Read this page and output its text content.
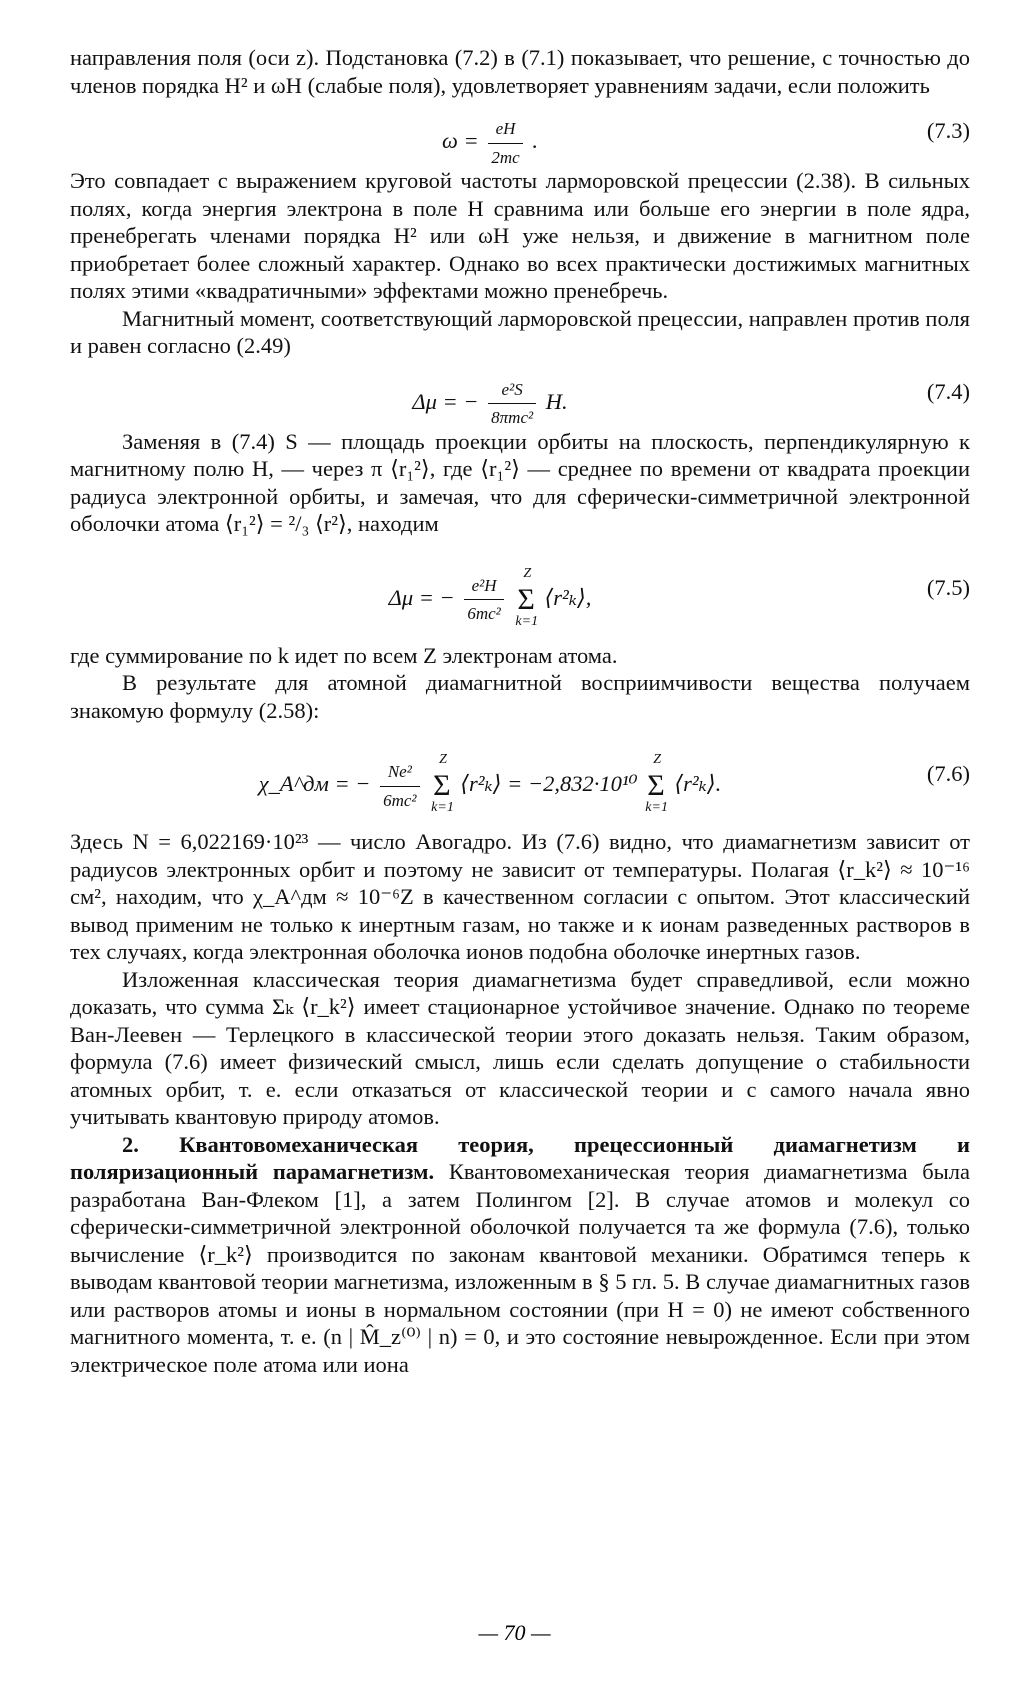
направления поля (оси z). Подстановка (7.2) в (7.1) показывает, что решение, с точностью до членов порядка H² и ωH (слабые поля), удовлетворяет уравнениям задачи, если положить

$\omega = \frac{eH}{2mc}$ .	(7.3)

Это совпадает с выражением круговой частоты ларморовской прецессии (2.38). В сильных полях, когда энергия электрона в поле H сравнима или больше его энергии в поле ядра, пренебрегать членами порядка H² или ωH уже нельзя, и движение в магнитном поле приобретает более сложный характер. Однако во всех практически достижимых магнитных полях этими «квадратичными» эффектами можно пренебречь.

Магнитный момент, соответствующий ларморовской прецессии, направлен против поля и равен согласно (2.49)

Δμ = − $\frac{\text{e²S}}{\text{8πmc²}} H$.	(7.4)

Заменяя в (7.4) S — площадь проекции орбиты на плоскость, перпендикулярную к магнитному полю H, — через π ⟨r₁²⟩, где ⟨r₁²⟩ — среднее по времени от квадрата проекции радиуса электронной орбиты, и замечая, что для сферически-симметричной электронной оболочки атома ⟨r₁²⟩ = ²/₃ ⟨r²⟩, находим

Δμ = − $\frac{\text{e²H}}{\text{6mc²}}$ Σ
Z
k=1
⟨r²ₖ⟩,	(7.5)

где суммирование по k идет по всем Z электронам атома.

В результате для атомной диамагнитной восприимчивости вещества получаем знакомую формулу (2.58):

χ_A^дм = − $\frac{\text{Ne²}}{\text{6mc²}}$ Σ
Z
k=1
⟨r²ₖ⟩ = −2,832·10¹⁰ Σ
Z
k=1
⟨r²ₖ⟩.	(7.6)

Здесь N = 6,022169·10²³ — число Авогадро. Из (7.6) видно, что диамагнетизм зависит от радиусов электронных орбит и поэтому не зависит от температуры. Полагая ⟨r_k²⟩ ≈ 10⁻¹⁶ см², находим, что χ_A^дм ≈ 10⁻⁶Z в качественном согласии с опытом. Этот классический вывод применим не только к инертным газам, но также и к ионам разведенных растворов в тех случаях, когда электронная оболочка ионов подобна оболочке инертных газов.

Изложенная классическая теория диамагнетизма будет справедливой, если можно доказать, что сумма Σₖ ⟨r_k²⟩ имеет стационарное устойчивое значение. Однако по теореме Ван-Леевен — Терлецкого в классической теории этого доказать нельзя. Таким образом, формула (7.6) имеет физический смысл, лишь если сделать допущение о стабильности атомных орбит, т. е. если отказаться от классической теории и с самого начала явно учитывать квантовую природу атомов.

2. Квантовомеханическая теория, прецессионный диамагнетизм и поляризационный парамагнетизм. Квантовомеханическая теория диамагнетизма была разработана Ван-Флеком [1], а затем Полингом [2]. В случае атомов и молекул со сферически-симметричной электронной оболочкой получается та же формула (7.6), только вычисление ⟨r_k²⟩ производится по законам квантовой механики. Обратимся теперь к выводам квантовой теории магнетизма, изложенным в § 5 гл. 5. В случае диамагнитных газов или растворов атомы и ионы в нормальном состоянии (при H = 0) не имеют собственного магнитного момента, т. е. (n | M̂_z⁽⁰⁾ | n) = 0, и это состояние невырожденное. Если при этом электрическое поле атома или иона

— 70 —
